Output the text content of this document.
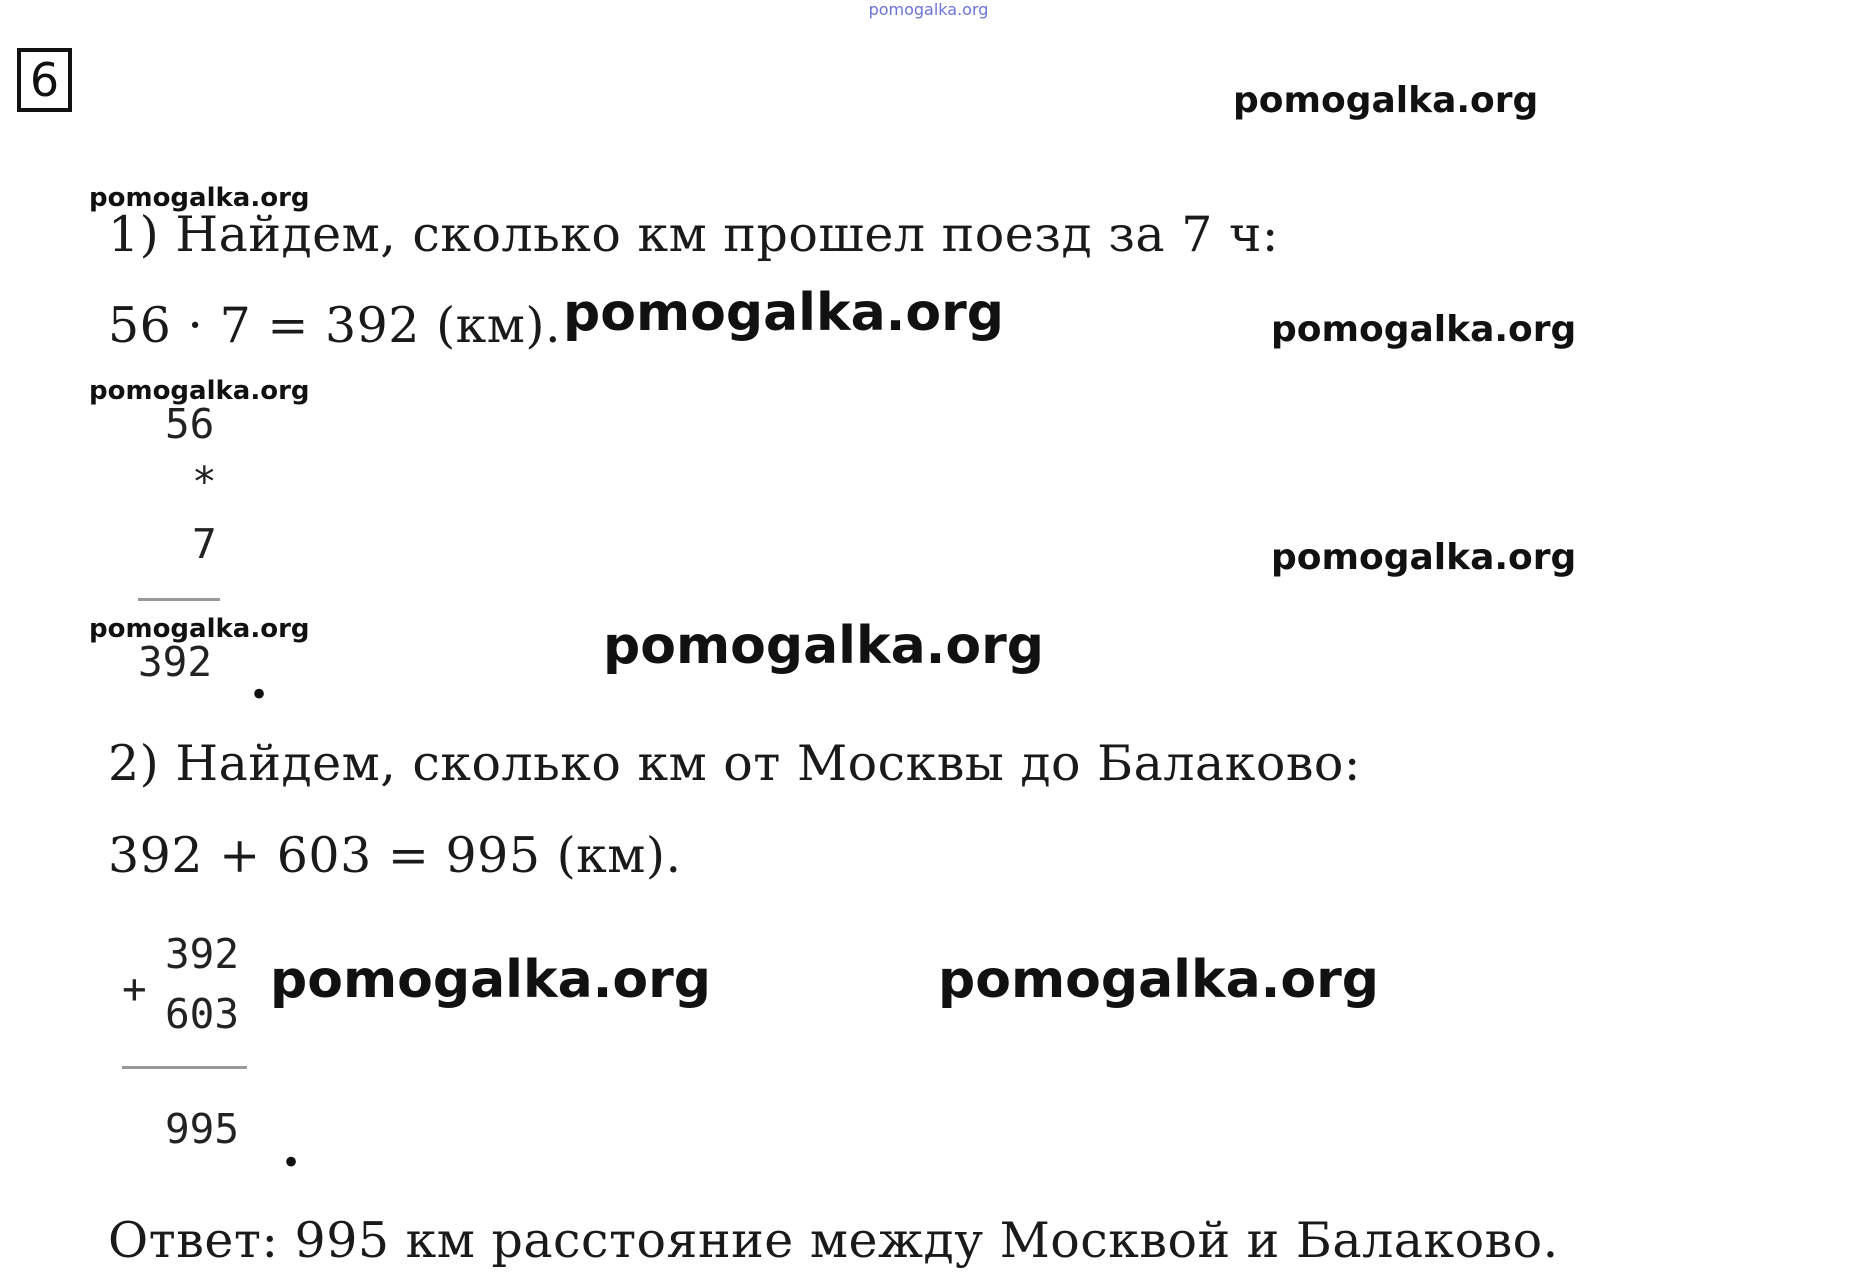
pomogalka.org
6	pomogalka.org
pomogalka.org
1) Найдем, сколько км прошел поезд за 7 ч:
56 · 7 = 392 (км). pomogalka.org	pomogalka.org
pomogalka.org
56
*
7	pomogalka.org
pomogalka.org
392 .
pomogalka.org
2) Найдем, сколько км от Москвы до Балаково:
392 + 603 = 995 (км).
+
392
603
995 .
pomogalka.org	pomogalka.org
Ответ: 995 км расстояние между Москвой и Балаково.
